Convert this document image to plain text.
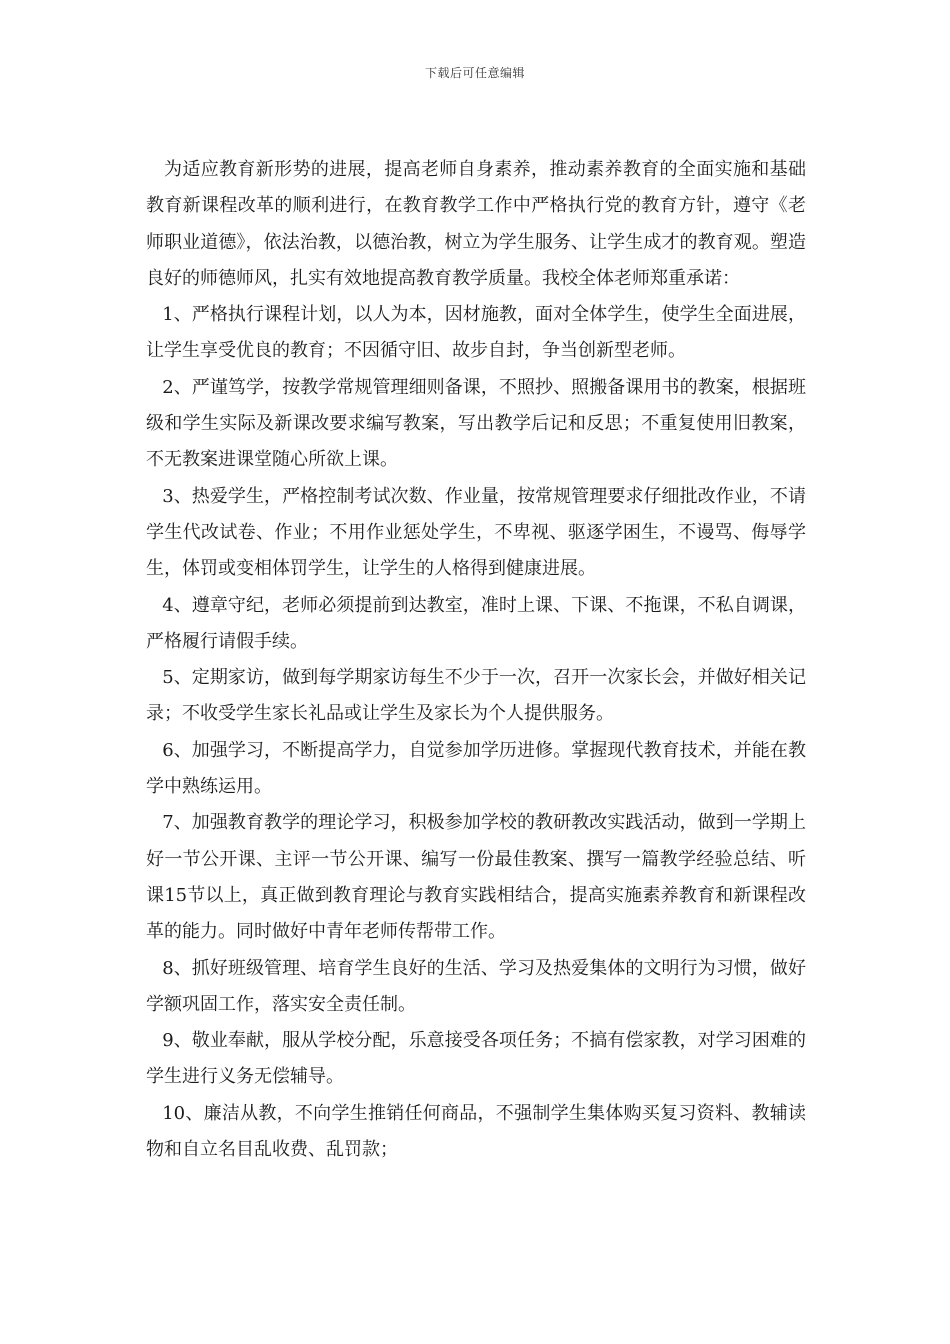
下载后可任意编辑

为适应教育新形势的进展，提高老师自身素养，推动素养教育的全面实施和基础教育新课程改革的顺利进行，在教育教学工作中严格执行党的教育方针，遵守《老师职业道德》，依法治教，以德治教，树立为学生服务、让学生成才的教育观。塑造良好的师德师风，扎实有效地提高教育教学质量。我校全体老师郑重承诺：

1、严格执行课程计划，以人为本，因材施教，面对全体学生，使学生全面进展，让学生享受优良的教育；不因循守旧、故步自封，争当创新型老师。

2、严谨笃学，按教学常规管理细则备课，不照抄、照搬备课用书的教案，根据班级和学生实际及新课改要求编写教案，写出教学后记和反思；不重复使用旧教案，不无教案进课堂随心所欲上课。

3、热爱学生，严格控制考试次数、作业量，按常规管理要求仔细批改作业，不请学生代改试卷、作业；不用作业惩处学生，不卑视、驱逐学困生，不谩骂、侮辱学生，体罚或变相体罚学生，让学生的人格得到健康进展。

4、遵章守纪，老师必须提前到达教室，准时上课、下课、不拖课，不私自调课，严格履行请假手续。

5、定期家访，做到每学期家访每生不少于一次，召开一次家长会，并做好相关记录；不收受学生家长礼品或让学生及家长为个人提供服务。

6、加强学习，不断提高学力，自觉参加学历进修。掌握现代教育技术，并能在教学中熟练运用。

7、加强教育教学的理论学习，积极参加学校的教研教改实践活动，做到一学期上好一节公开课、主评一节公开课、编写一份最佳教案、撰写一篇教学经验总结、听课15节以上，真正做到教育理论与教育实践相结合，提高实施素养教育和新课程改革的能力。同时做好中青年老师传帮带工作。

8、抓好班级管理、培育学生良好的生活、学习及热爱集体的文明行为习惯，做好学额巩固工作，落实安全责任制。

9、敬业奉献，服从学校分配，乐意接受各项任务；不搞有偿家教，对学习困难的学生进行义务无偿辅导。

10、廉洁从教，不向学生推销任何商品，不强制学生集体购买复习资料、教辅读物和自立名目乱收费、乱罚款；
